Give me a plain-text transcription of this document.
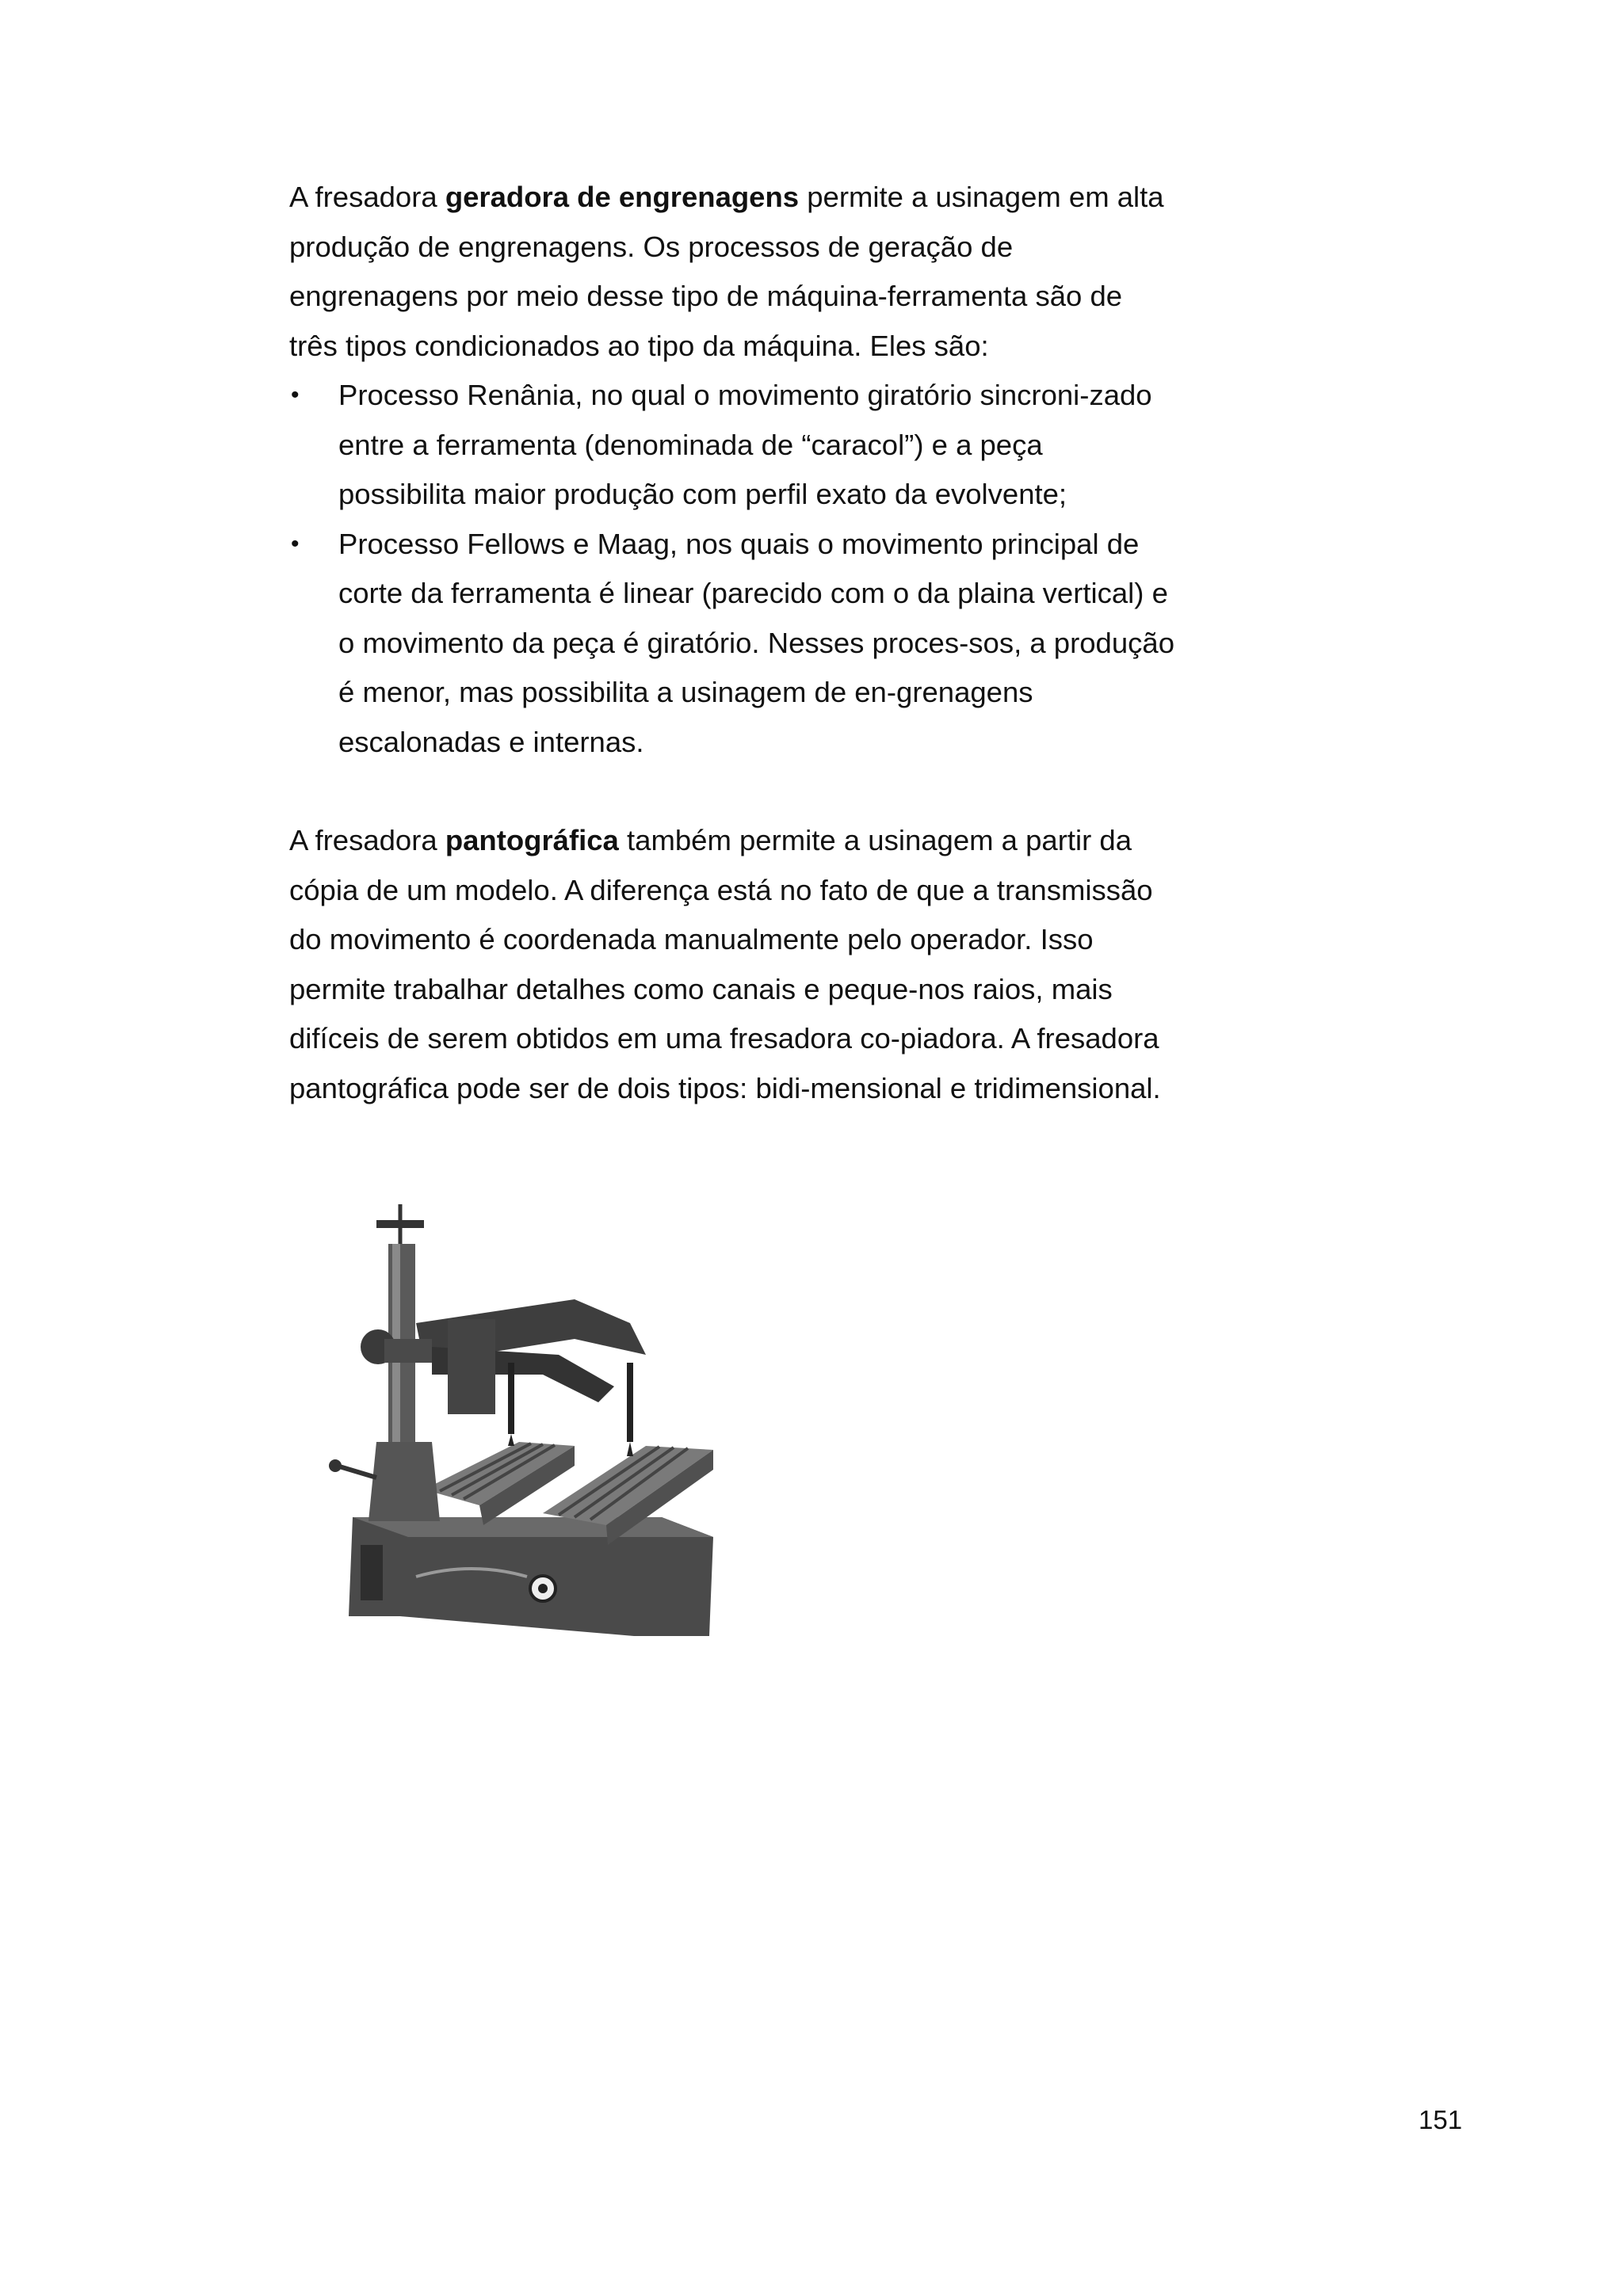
A fresadora geradora de engrenagens permite a usinagem em alta produção de engrenagens. Os processos de geração de engrenagens por meio desse tipo de máquina-ferramenta são de três tipos condicionados ao tipo da máquina. Eles são:

• Processo Renânia, no qual o movimento giratório sincroni-zado entre a ferramenta (denominada de “caracol”) e a peça possibilita maior produção com perfil exato da evolvente;
• Processo Fellows e Maag, nos quais o movimento principal de corte da ferramenta é linear (parecido com o da plaina vertical) e o movimento da peça é giratório. Nesses proces-sos, a produção é menor, mas possibilita a usinagem de en-grenagens escalonadas e internas.

A fresadora pantográfica também permite a usinagem a partir da cópia de um modelo. A diferença está no fato de que a transmissão do movimento é coordenada manualmente pelo operador. Isso permite trabalhar detalhes como canais e peque-nos raios, mais difíceis de serem obtidos em uma fresadora co-piadora. A fresadora pantográfica pode ser de dois tipos: bidi-mensional e tridimensional.

151
